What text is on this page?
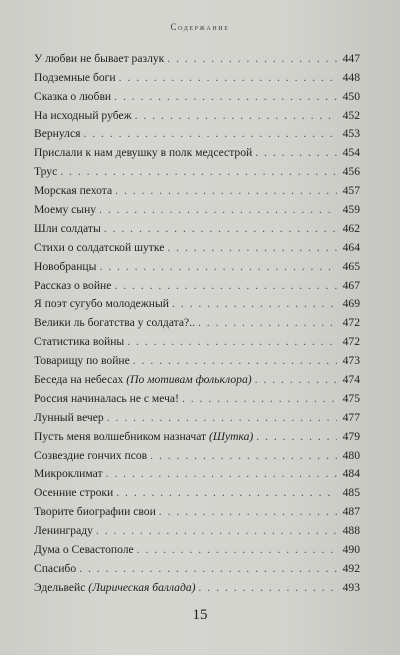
Содержание
У любви не бывает разлук . . .	447
Подземные боги . . .	448
Сказка о любви . . .	450
На исходный рубеж . . .	452
Вернулся . . .	453
Прислали к нам девушку в полк медсестрой . . .	454
Трус . . .	456
Морская пехота . . .	457
Моему сыну . . .	459
Шли солдаты . . .	462
Стихи о солдатской шутке . . .	464
Новобранцы . . .	465
Рассказ о войне . . .	467
Я поэт сугубо молодежный . . .	469
Велики ль богатства у солдата?.. . . .	472
Статистика войны . . .	472
Товарищу по войне . . .	473
Беседа на небесах (По мотивам фольклора) . . .	474
Россия начиналась не с меча! . . .	475
Лунный вечер . . .	477
Пусть меня волшебником назначат (Шутка) . . .	479
Созвездие гончих псов . . .	480
Микроклимат . . .	484
Осенние строки . . .	485
Творите биографии свои . . .	487
Ленинграду . . .	488
Дума о Севастополе . . .	490
Спасибо . . .	492
Эдельвейс (Лирическая баллада) . . .	493
15
